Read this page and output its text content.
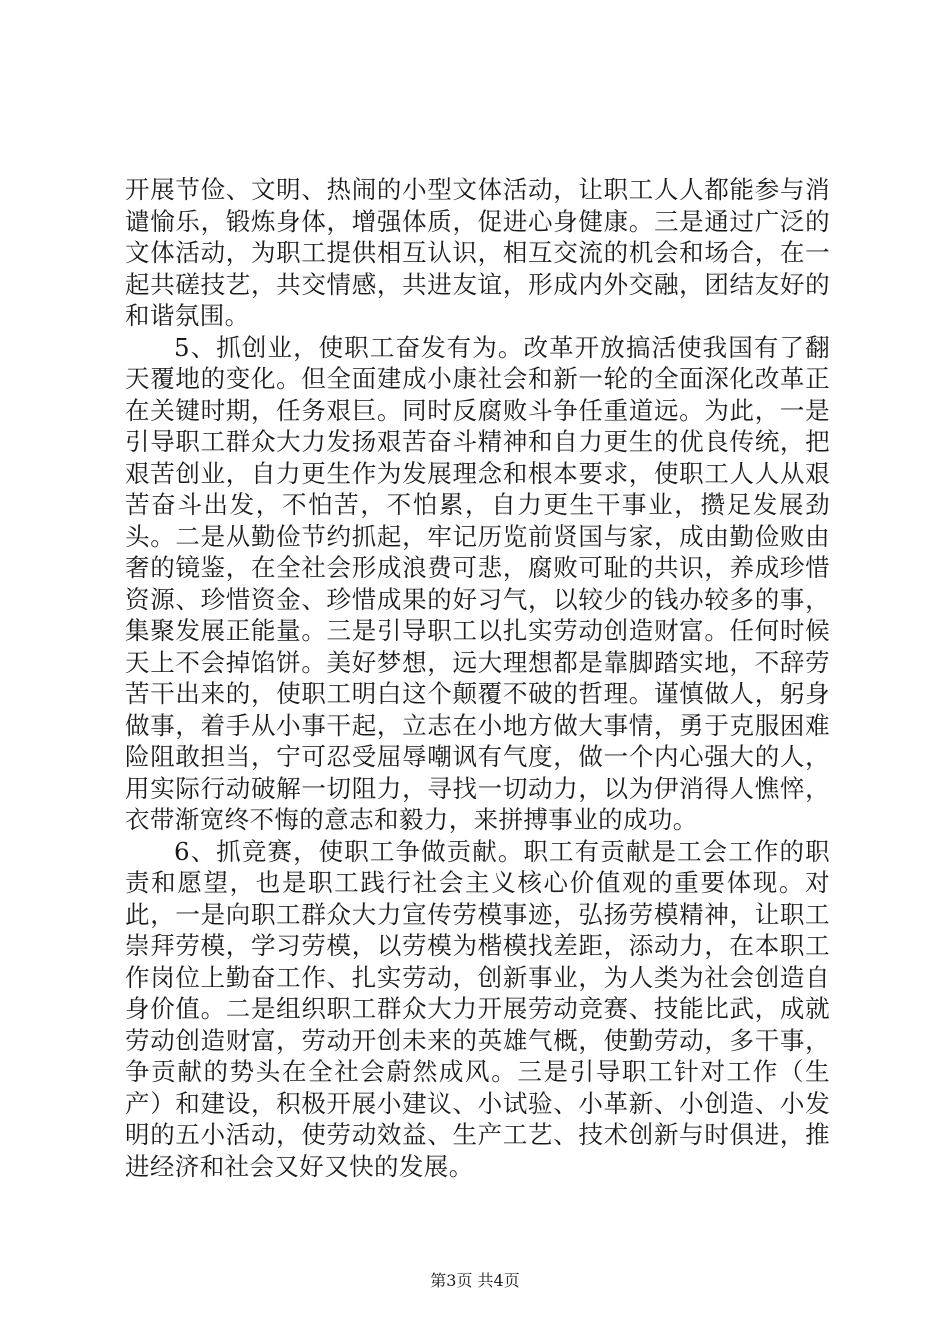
开展节俭、文明、热闹的小型文体活动，让职工人人都能参与消谴愉乐，锻炼身体，增强体质，促进心身健康。三是通过广泛的文体活动，为职工提供相互认识，相互交流的机会和场合，在一起共磋技艺，共交情感，共进友谊，形成内外交融，团结友好的和谐氛围。

5、抓创业，使职工奋发有为。改革开放搞活使我国有了翻天覆地的变化。但全面建成小康社会和新一轮的全面深化改革正在关键时期，任务艰巨。同时反腐败斗争任重道远。为此，一是引导职工群众大力发扬艰苦奋斗精神和自力更生的优良传统，把艰苦创业，自力更生作为发展理念和根本要求，使职工人人从艰苦奋斗出发，不怕苦，不怕累，自力更生干事业，攒足发展劲头。二是从勤俭节约抓起，牢记历览前贤国与家，成由勤俭败由奢的镜鉴，在全社会形成浪费可悲，腐败可耻的共识，养成珍惜资源、珍惜资金、珍惜成果的好习气，以较少的钱办较多的事，集聚发展正能量。三是引导职工以扎实劳动创造财富。任何时候天上不会掉馅饼。美好梦想，远大理想都是靠脚踏实地，不辞劳苦干出来的，使职工明白这个颠覆不破的哲理。谨慎做人，躬身做事，着手从小事干起，立志在小地方做大事情，勇于克服困难险阻敢担当，宁可忍受屈辱嘲讽有气度，做一个内心强大的人，用实际行动破解一切阻力，寻找一切动力，以为伊消得人憔悴，衣带渐宽终不悔的意志和毅力，来拼搏事业的成功。

6、抓竞赛，使职工争做贡献。职工有贡献是工会工作的职责和愿望，也是职工践行社会主义核心价值观的重要体现。对此，一是向职工群众大力宣传劳模事迹，弘扬劳模精神，让职工崇拜劳模，学习劳模，以劳模为楷模找差距，添动力，在本职工作岗位上勤奋工作、扎实劳动，创新事业，为人类为社会创造自身价值。二是组织职工群众大力开展劳动竞赛、技能比武，成就劳动创造财富，劳动开创未来的英雄气概，使勤劳动，多干事，争贡献的势头在全社会蔚然成风。三是引导职工针对工作（生产）和建设，积极开展小建议、小试验、小革新、小创造、小发明的五小活动，使劳动效益、生产工艺、技术创新与时俱进，推进经济和社会又好又快的发展。

第3页 共4页
